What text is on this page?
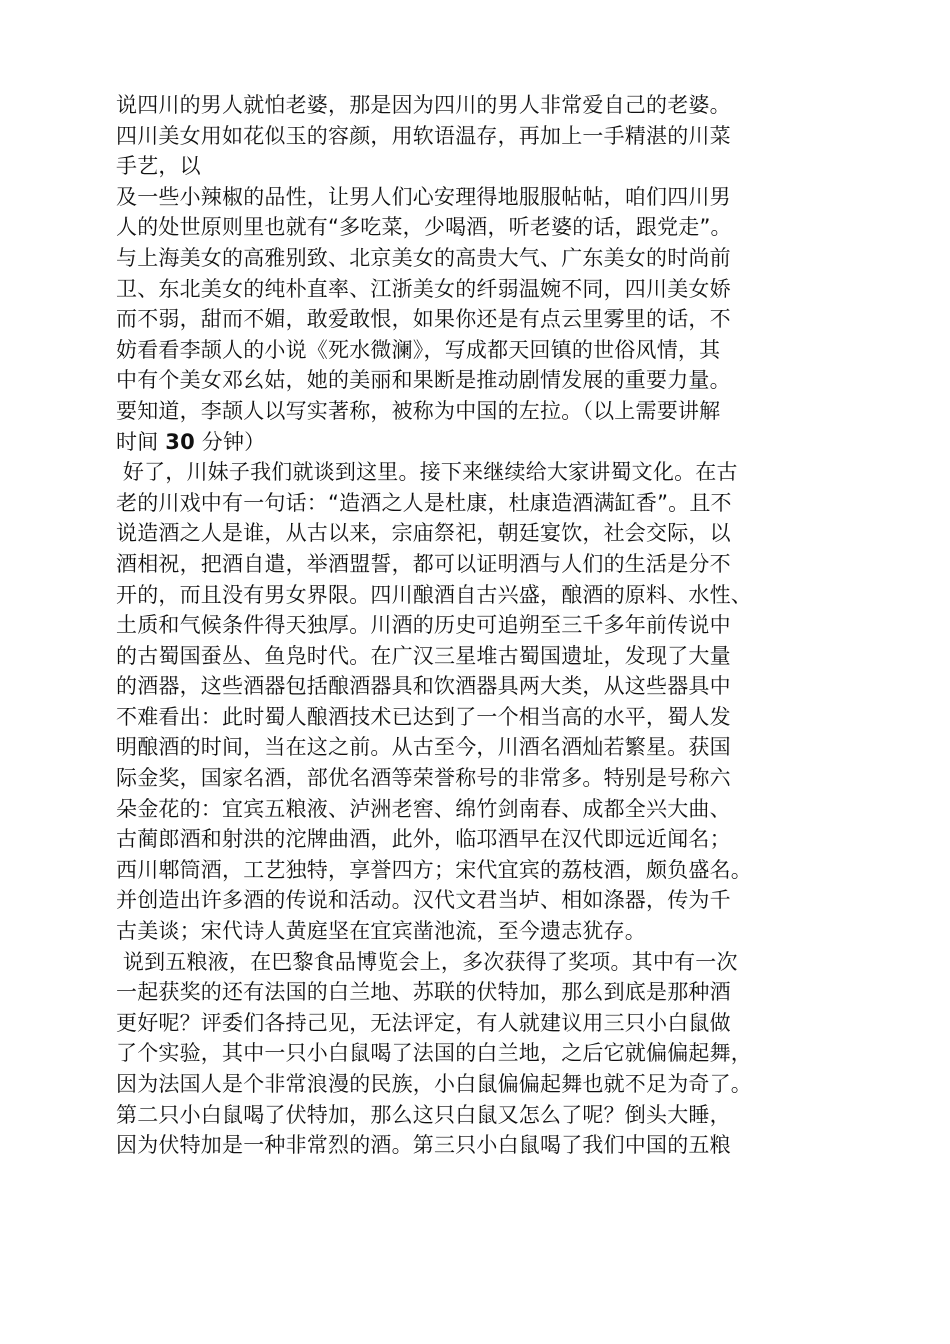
说四川的男人就怕老婆，那是因为四川的男人非常爱自己的老婆。
四川美女用如花似玉的容颜，用软语温存，再加上一手精湛的川菜
手艺，以
及一些小辣椒的品性，让男人们心安理得地服服帖帖，咱们四川男
人的处世原则里也就有“多吃菜，少喝酒，听老婆的话，跟党走”。
与上海美女的高雅别致、北京美女的高贵大气、广东美女的时尚前
卫、东北美女的纯朴直率、江浙美女的纤弱温婉不同，四川美女娇
而不弱，甜而不媚，敢爱敢恨，如果你还是有点云里雾里的话，不
妨看看李颉人的小说《死水微澜》，写成都天回镇的世俗风情，其
中有个美女邓幺姑，她的美丽和果断是推动剧情发展的重要力量。
要知道，李颉人以写实著称，被称为中国的左拉。（以上需要讲解
时间 30 分钟）
好了，川妹子我们就谈到这里。接下来继续给大家讲蜀文化。在古
老的川戏中有一句话：“造酒之人是杜康，杜康造酒满缸香”。且不
说造酒之人是谁，从古以来，宗庙祭祀，朝廷宴饮，社会交际，以
酒相祝，把酒自遣，举酒盟誓，都可以证明酒与人们的生活是分不
开的，而且没有男女界限。四川酿酒自古兴盛，酿酒的原料、水性、
土质和气候条件得天独厚。川酒的历史可追朔至三千多年前传说中
的古蜀国蚕丛、鱼凫时代。在广汉三星堆古蜀国遗址，发现了大量
的酒器，这些酒器包括酿酒器具和饮酒器具两大类，从这些器具中
不难看出：此时蜀人酿酒技术已达到了一个相当高的水平，蜀人发
明酿酒的时间，当在这之前。从古至今，川酒名酒灿若繁星。获国
际金奖，国家名酒，部优名酒等荣誉称号的非常多。特别是号称六
朵金花的：宜宾五粮液、泸洲老窖、绵竹剑南春、成都全兴大曲、
古蔺郎酒和射洪的沱牌曲酒，此外，临邛酒早在汉代即远近闻名；
西川郫筒酒，工艺独特，享誉四方；宋代宜宾的荔枝酒，颇负盛名。
并创造出许多酒的传说和活动。汉代文君当垆、相如涤器，传为千
古美谈；宋代诗人黄庭坚在宜宾凿池流，至今遗志犹存。
说到五粮液，在巴黎食品博览会上，多次获得了奖项。其中有一次
一起获奖的还有法国的白兰地、苏联的伏特加，那么到底是那种酒
更好呢？评委们各持己见，无法评定，有人就建议用三只小白鼠做
了个实验，其中一只小白鼠喝了法国的白兰地，之后它就偏偏起舞，
因为法国人是个非常浪漫的民族，小白鼠偏偏起舞也就不足为奇了。
第二只小白鼠喝了伏特加，那么这只白鼠又怎么了呢？倒头大睡，
因为伏特加是一种非常烈的酒。第三只小白鼠喝了我们中国的五粮
